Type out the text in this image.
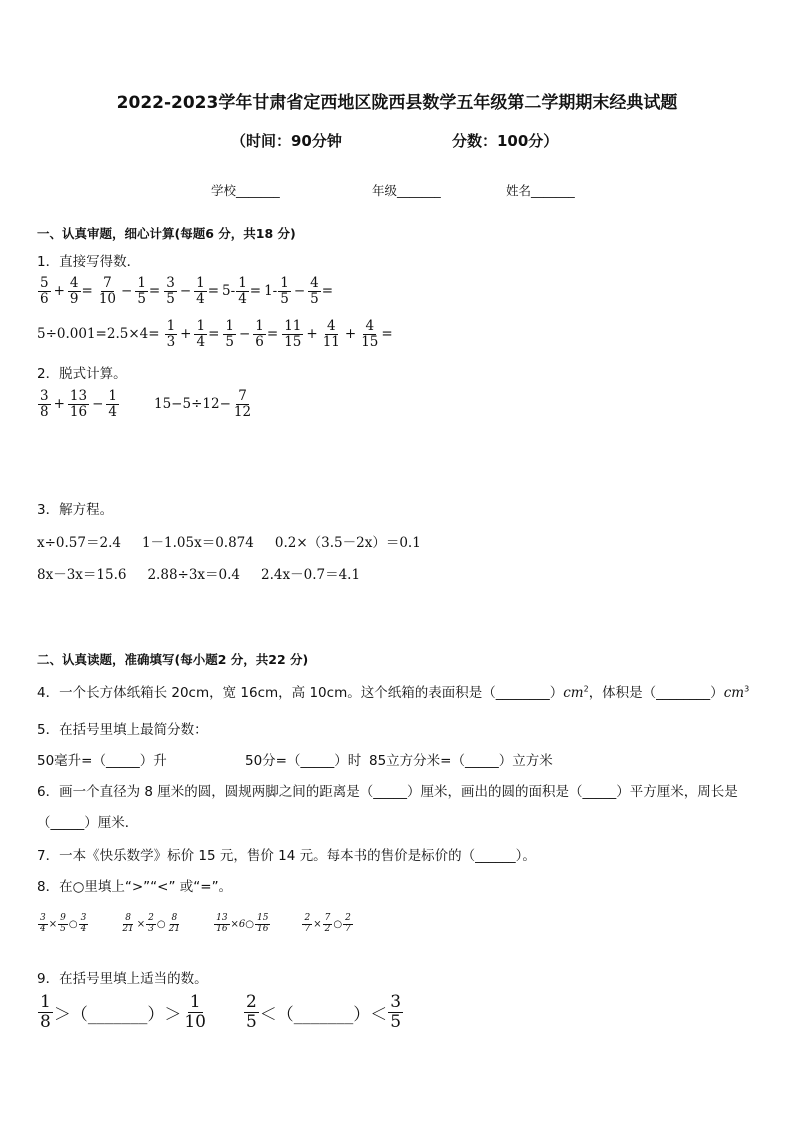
2022-2023学年甘肃省定西地区陇西县数学五年级第二学期期末经典试题
（时间：90分钟	分数：100分）
学校_______	年级_______	姓名_______
一、认真审题，细心计算(每题6 分，共18 分)
1．直接写得数．
$\frac{5}{6} + \frac{4}{9} = \frac{7}{10} - \frac{1}{5} = \frac{3}{5} - \frac{1}{4} = 5- \frac{1}{4} = 1- \frac{1}{5} - \frac{4}{5}$ =
$5\div 0.001= 2.5\times 4= \frac{1}{3} + \frac{1}{4} = \frac{1}{5} - \frac{1}{6} = \frac{11}{15} + \frac{4}{11} + \frac{4}{15}$ =
2．脱式计算。
$\frac{3}{8} + \frac{13}{16} - \frac{1}{4}$	$15-5\div 12- \frac{7}{12}$
3．解方程。
x÷0.57＝2.4 1－1.05x＝0.874 0.2×（3.5－2x）＝0.1
8x－3x＝15.6 2.88÷3x＝0.4 2.4x－0.7＝4.1
二、认真读题，准确填写(每小题2 分，共22 分)
4．一个长方体纸箱长 20cm，宽 16cm，高 10cm。这个纸箱的表面积是$(\_\_\_\_\_\_\_\_)cm^2$，体积是$(\_\_\_\_\_\_\_\_)cm^3$
5．在括号里填上最简分数：
50毫升=（_____）升	50分=（_____）时 85立方分米=（_____）立方米
6．画一个直径为 8 厘米的圆，圆规两脚之间的距离是（_____）厘米，画出的圆的面积是（_____）平方厘米，周长是
（_____）厘米．
7．一本《快乐数学》标价 15 元，售价 14 元。每本书的售价是标价的（______）。
8．在○里填上“>”“<” 或“=”。
$\frac{3}{4} \times \frac{9}{5}$ ○ $\frac{3}{4}$	$\frac{8}{21} \times \frac{2}{3}$ ○ $\frac{8}{21}$	$\frac{13}{16} \times 6$ ○ $\frac{15}{16}$	$\frac{2}{7} \times \frac{7}{2}$ ○ $\frac{2}{7}$
9．在括号里填上适当的数。
$\frac{1}{8}$ ＞（_______）＞ $\frac{1}{10} \frac{2}{5}$ ＜（_______）＜ $\frac{3}{5}$
